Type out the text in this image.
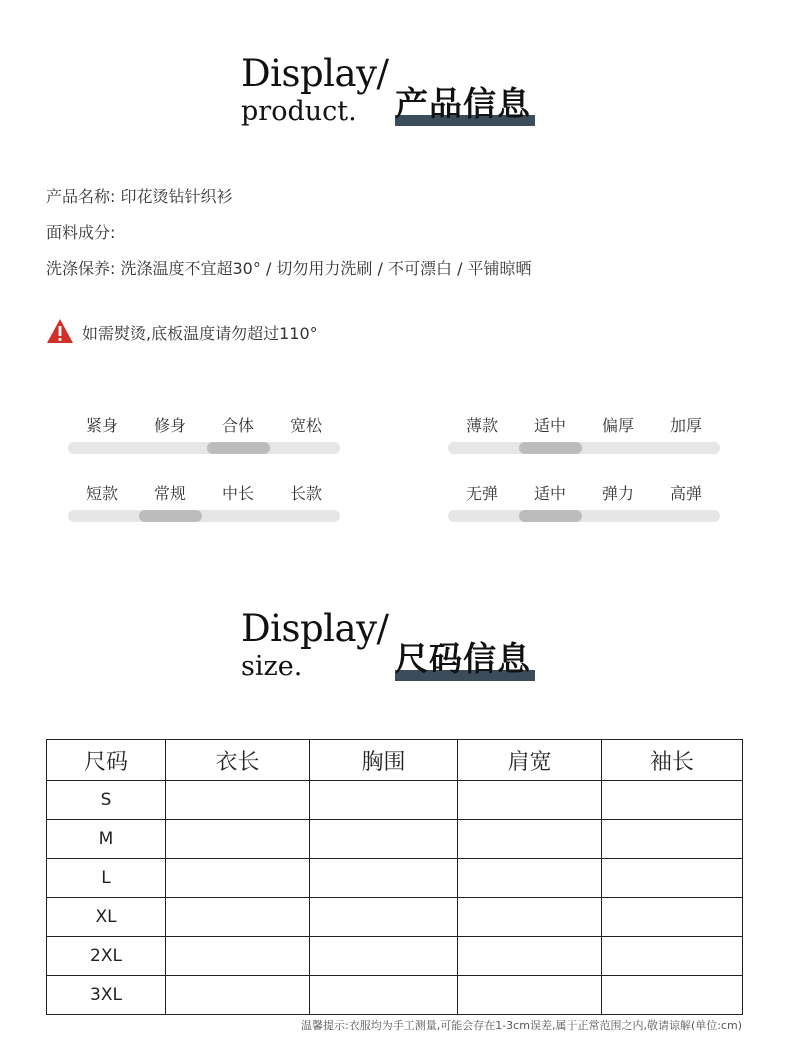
Display/
product. 产品信息
产品名称: 印花烫钻针织衫
面料成分:
洗涤保养: 洗涤温度不宜超30° / 切勿用力洗刷 / 不可漂白 / 平铺晾晒
如需熨烫,底板温度请勿超过110°
紧身	修身	合体	宽松	薄款	适中	偏厚	加厚
短款	常规	中长	长款	无弹	适中	弹力	高弹
Display/
size.	尺码信息
尺码	衣长	胸围	肩宽	袖长
S				
M				
L				
XL				
2XL				
3XL				
温馨提示:衣服均为手工测量,可能会存在1-3cm误差,属于正常范围之内,敬请谅解(单位:cm)
